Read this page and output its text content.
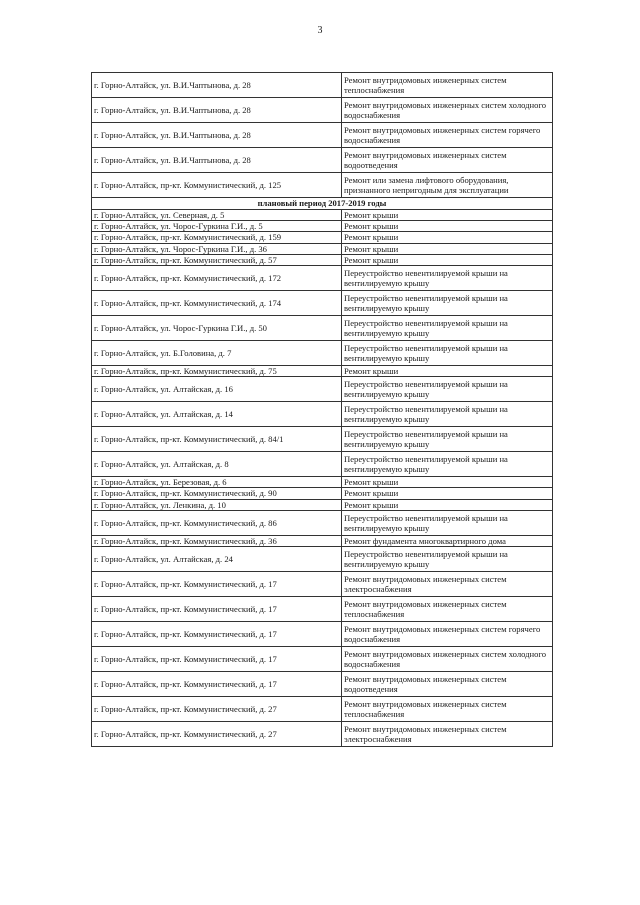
3
г. Горно-Алтайск, ул. В.И.Чаптынова, д. 28	Ремонт внутридомовых инженерных систем теплоснабжения
г. Горно-Алтайск, ул. В.И.Чаптынова, д. 28	Ремонт внутридомовых инженерных систем холодного водоснабжения
г. Горно-Алтайск, ул. В.И.Чаптынова, д. 28	Ремонт внутридомовых инженерных систем горячего водоснабжения
г. Горно-Алтайск, ул. В.И.Чаптынова, д. 28	Ремонт внутридомовых инженерных систем водоотведения
г. Горно-Алтайск, пр-кт. Коммунистический, д. 125	Ремонт или замена лифтового оборудования, признанного непригодным для эксплуатации
плановый период 2017-2019 годы	
г. Горно-Алтайск, ул. Северная, д. 5	Ремонт крыши
г. Горно-Алтайск, ул. Чорос-Гуркина Г.И., д. 5	Ремонт крыши
г. Горно-Алтайск, пр-кт. Коммунистический, д. 159	Ремонт крыши
г. Горно-Алтайск, ул. Чорос-Гуркина Г.И., д. 36	Ремонт крыши
г. Горно-Алтайск, пр-кт. Коммунистический, д. 57	Ремонт крыши
г. Горно-Алтайск, пр-кт. Коммунистический, д. 172	Переустройство невентилируемой крыши на вентилируемую крышу
г. Горно-Алтайск, пр-кт. Коммунистический, д. 174	Переустройство невентилируемой крыши на вентилируемую крышу
г. Горно-Алтайск, ул. Чорос-Гуркина Г.И., д. 50	Переустройство невентилируемой крыши на вентилируемую крышу
г. Горно-Алтайск, ул. Б.Головина, д. 7	Переустройство невентилируемой крыши на вентилируемую крышу
г. Горно-Алтайск, пр-кт. Коммунистический, д. 75	Ремонт крыши
г. Горно-Алтайск, ул. Алтайская, д. 16	Переустройство невентилируемой крыши на вентилируемую крышу
г. Горно-Алтайск, ул. Алтайская, д. 14	Переустройство невентилируемой крыши на вентилируемую крышу
г. Горно-Алтайск, пр-кт. Коммунистический, д. 84/1	Переустройство невентилируемой крыши на вентилируемую крышу
г. Горно-Алтайск, ул. Алтайская, д. 8	Переустройство невентилируемой крыши на вентилируемую крышу
г. Горно-Алтайск, ул. Березовая, д. 6	Ремонт крыши
г. Горно-Алтайск, пр-кт. Коммунистический, д. 90	Ремонт крыши
г. Горно-Алтайск, ул. Ленкина, д. 10	Ремонт крыши
г. Горно-Алтайск, пр-кт. Коммунистический, д. 86	Переустройство невентилируемой крыши на вентилируемую крышу
г. Горно-Алтайск, пр-кт. Коммунистический, д. 36	Ремонт фундамента многоквартирного дома
г. Горно-Алтайск, ул. Алтайская, д. 24	Переустройство невентилируемой крыши на вентилируемую крышу
г. Горно-Алтайск, пр-кт. Коммунистический, д. 17	Ремонт внутридомовых инженерных систем электроснабжения
г. Горно-Алтайск, пр-кт. Коммунистический, д. 17	Ремонт внутридомовых инженерных систем теплоснабжения
г. Горно-Алтайск, пр-кт. Коммунистический, д. 17	Ремонт внутридомовых инженерных систем горячего водоснабжения
г. Горно-Алтайск, пр-кт. Коммунистический, д. 17	Ремонт внутридомовых инженерных систем холодного водоснабжения
г. Горно-Алтайск, пр-кт. Коммунистический, д. 17	Ремонт внутридомовых инженерных систем водоотведения
г. Горно-Алтайск, пр-кт. Коммунистический, д. 27	Ремонт внутридомовых инженерных систем теплоснабжения
г. Горно-Алтайск, пр-кт. Коммунистический, д. 27	Ремонт внутридомовых инженерных систем электроснабжения
